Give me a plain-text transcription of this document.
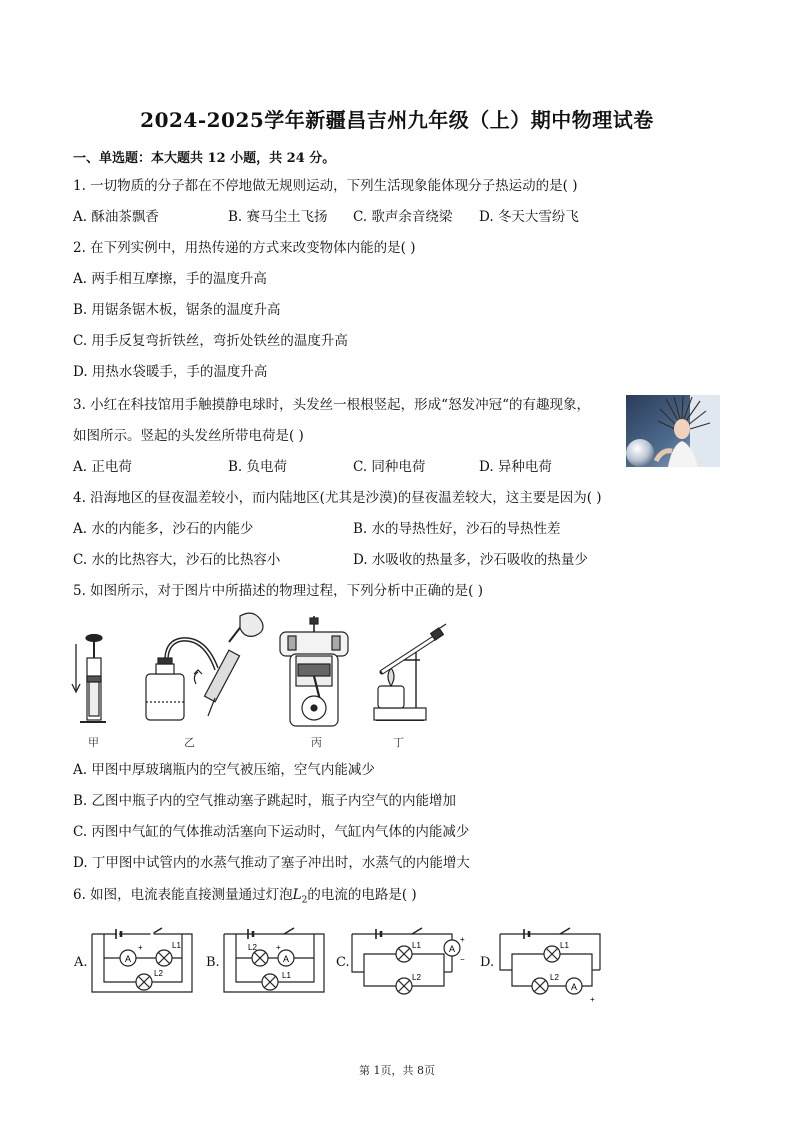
2024-2025学年新疆昌吉州九年级（上）期中物理试卷
一、单选题：本大题共 12 小题，共 24 分。
1. 一切物质的分子都在不停地做无规则运动，下列生活现象能体现分子热运动的是( )
A. 酥油茶飘香	B. 赛马尘土飞扬 C. 歌声余音绕梁 D. 冬天大雪纷飞
2. 在下列实例中，用热传递的方式来改变物体内能的是( )
A. 两手相互摩擦，手的温度升高
B. 用锯条锯木板，锯条的温度升高
C. 用手反复弯折铁丝，弯折处铁丝的温度升高
D. 用热水袋暖手，手的温度升高
3. 小红在科技馆用手触摸静电球时，头发丝一根根竖起，形成“怒发冲冠“的有趣现象，
如图所示。竖起的头发丝所带电荷是( )
A. 正电荷	B. 负电荷	C. 同种电荷	D. 异种电荷
4. 沿海地区的昼夜温差较小，而内陆地区(尤其是沙漠)的昼夜温差较大，这主要是因为( )
A. 水的内能多，沙石的内能少	B. 水的导热性好，沙石的导热性差
C. 水的比热容大，沙石的比热容小	D. 水吸收的热量多，沙石吸收的热量少
5. 如图所示，对于图片中所描述的物理过程，下列分析中正确的是( )
甲	乙	丙	丁
A. 甲图中厚玻璃瓶内的空气被压缩，空气内能减少
B. 乙图中瓶子内的空气推动塞子跳起时，瓶子内空气的内能增加
C. 丙图中气缸的气体推动活塞向下运动时，气缸内气体的内能减少
D. 丁甲图中试管内的水蒸气推动了塞子冲出时，水蒸气的内能增大
6. 如图，电流表能直接测量通过灯泡$L_2$的电流的电路是( )
A.	B.	C.	D.
A
+	L1
L2
A
L2 +
L1
A
L1
L2
+
−
A
L1
L2
+
第 1页，共 8页
